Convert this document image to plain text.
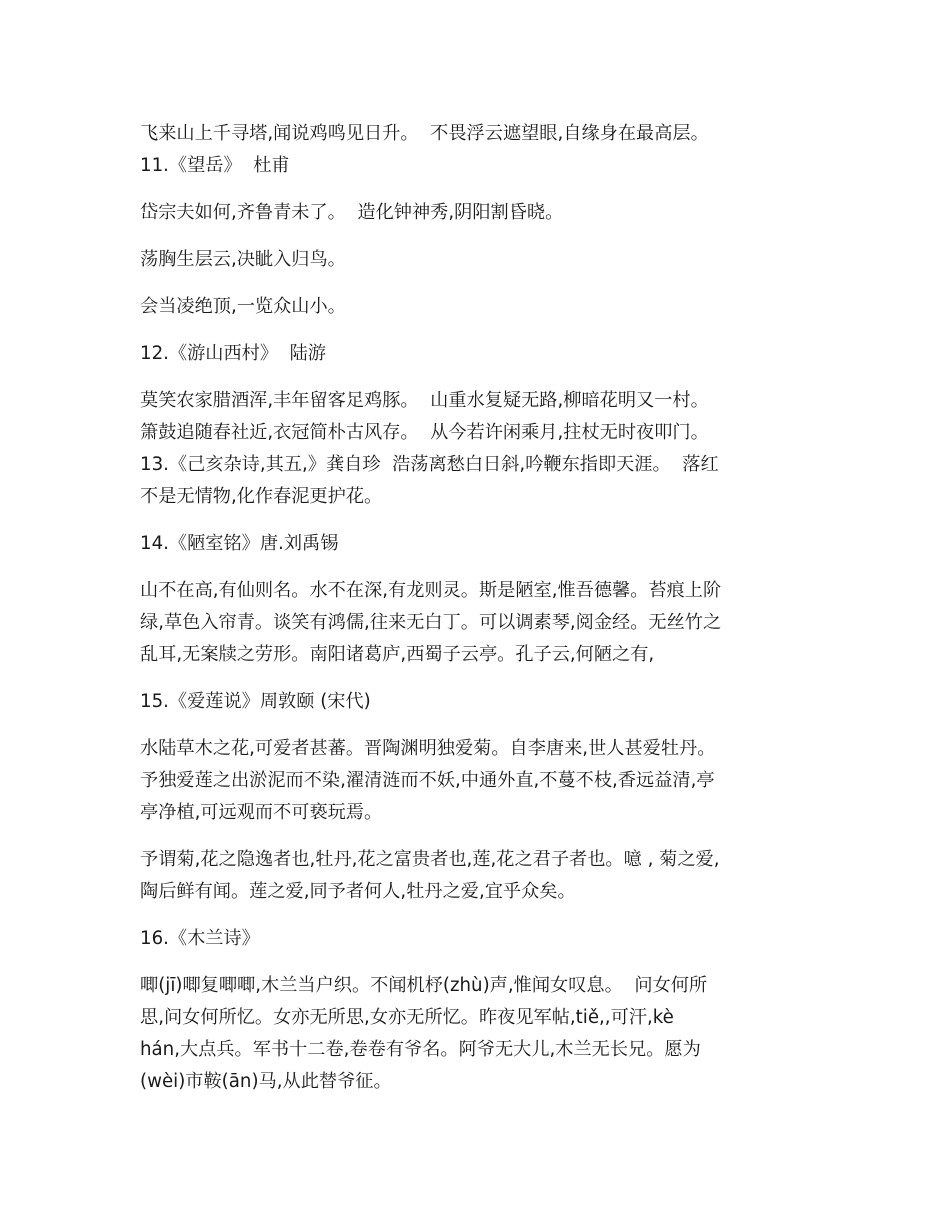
飞来山上千寻塔,闻说鸡鸣见日升。  不畏浮云遮望眼,自缘身在最高层。
11.《望岳》  杜甫
岱宗夫如何,齐鲁青未了。  造化钟神秀,阴阳割昏晓。
荡胸生层云,决眦入归鸟。
会当凌绝顶,一览众山小。
12.《游山西村》  陆游
莫笑农家腊酒浑,丰年留客足鸡豚。  山重水复疑无路,柳暗花明又一村。
箫鼓追随春社近,衣冠简朴古风存。  从今若许闲乘月,拄杖无时夜叩门。
13.《己亥杂诗,其五,》龚自珍  浩荡离愁白日斜,吟鞭东指即天涯。  落红
不是无情物,化作春泥更护花。
14.《陋室铭》唐.刘禹锡
山不在高,有仙则名。水不在深,有龙则灵。斯是陋室,惟吾德馨。苔痕上阶
绿,草色入帘青。谈笑有鸿儒,往来无白丁。可以调素琴,阅金经。无丝竹之
乱耳,无案牍之劳形。南阳诸葛庐,西蜀子云亭。孔子云,何陋之有,
15.《爱莲说》周敦颐 (宋代)
水陆草木之花,可爱者甚蕃。晋陶渊明独爱菊。自李唐来,世人甚爱牡丹。
予独爱莲之出淤泥而不染,濯清涟而不妖,中通外直,不蔓不枝,香远益清,亭
亭净植,可远观而不可亵玩焉。
予谓菊,花之隐逸者也,牡丹,花之富贵者也,莲,花之君子者也。噫 , 菊之爱,
陶后鲜有闻。莲之爱,同予者何人,牡丹之爱,宜乎众矣。
16.《木兰诗》
唧(jī)唧复唧唧,木兰当户织。不闻机杼(zhù)声,惟闻女叹息。  问女何所
思,问女何所忆。女亦无所思,女亦无所忆。昨夜见军帖,tiě,,可汗,kè
hán,大点兵。军书十二卷,卷卷有爷名。阿爷无大儿,木兰无长兄。愿为
(wèi)市鞍(ān)马,从此替爷征。
